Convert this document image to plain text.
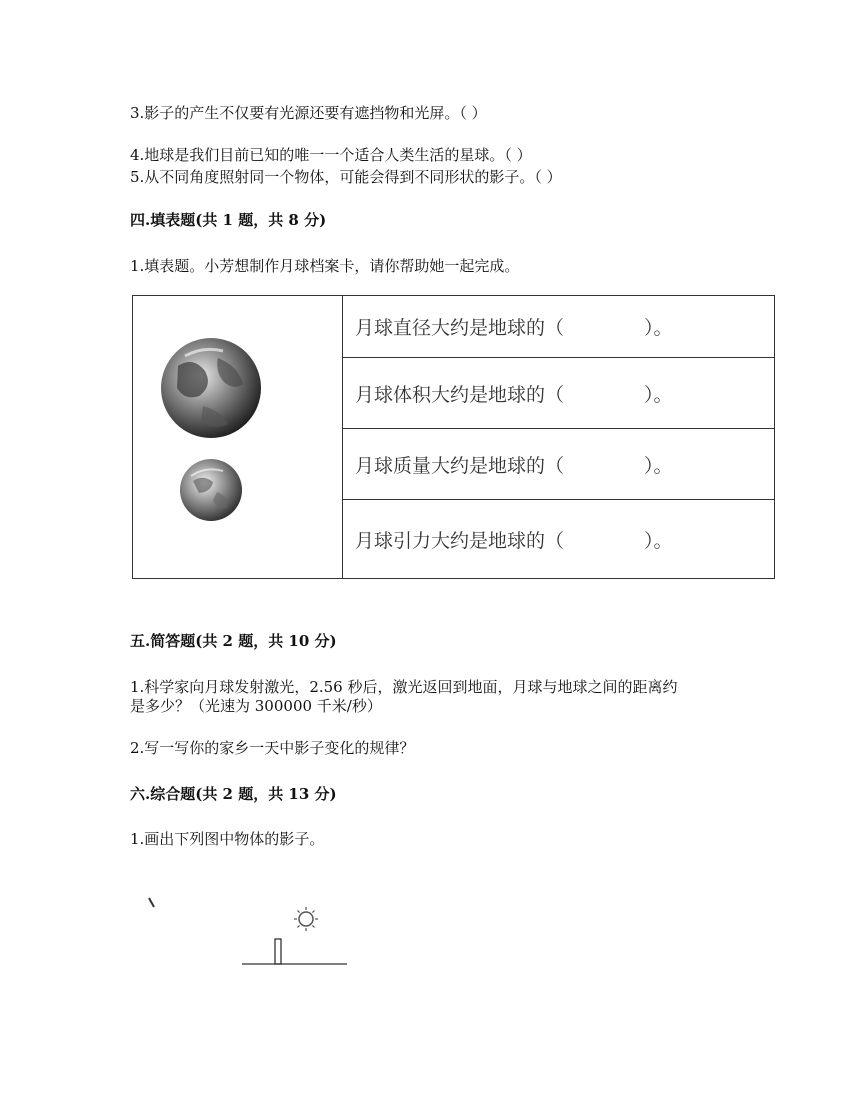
3.影子的产生不仅要有光源还要有遮挡物和光屏。（ ）
4.地球是我们目前已知的唯一一个适合人类生活的星球。（ ）
5.从不同角度照射同一个物体，可能会得到不同形状的影子。（ ）
四.填表题(共 1 题，共 8 分)
1.填表题。小芳想制作月球档案卡，请你帮助她一起完成。
月球直径大约是地球的（	）。
月球体积大约是地球的（	）。
月球质量大约是地球的（	）。
月球引力大约是地球的（	）。
五.简答题(共 2 题，共 10 分)
1.科学家向月球发射激光，2.56 秒后，激光返回到地面，月球与地球之间的距离约
是多少？（光速为 300000 千米/秒）
2.写一写你的家乡一天中影子变化的规律？
六.综合题(共 2 题，共 13 分)
1.画出下列图中物体的影子。
